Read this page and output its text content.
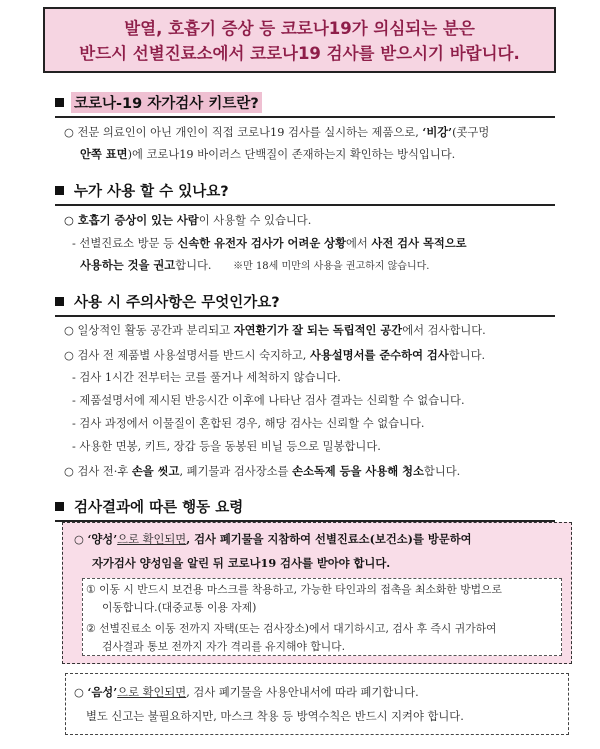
발열, 호흡기 증상 등 코로나19가 의심되는 분은
반드시 선별진료소에서 코로나19 검사를 받으시기 바랍니다.
코로나-19 자가검사 키트란?
○ 전문 의료인이 아닌 개인이 직접 코로나19 검사를 실시하는 제품으로, ‘비강’(콧구멍
안쪽 표면)에 코로나19 바이러스 단백질이 존재하는지 확인하는 방식입니다.
누가 사용 할 수 있나요?
○ 호흡기 증상이 있는 사람이 사용할 수 있습니다.
- 선별진료소 방문 등 신속한 유전자 검사가 어려운 상황에서 사전 검사 목적으로
사용하는 것을 권고합니다. ※만 18세 미만의 사용을 권고하지 않습니다.
사용 시 주의사항은 무엇인가요?
○ 일상적인 활동 공간과 분리되고 자연환기가 잘 되는 독립적인 공간에서 검사합니다.
○ 검사 전 제품별 사용설명서를 반드시 숙지하고, 사용설명서를 준수하여 검사합니다.
- 검사 1시간 전부터는 코를 풀거나 세척하지 않습니다.
- 제품설명서에 제시된 반응시간 이후에 나타난 검사 결과는 신뢰할 수 없습니다.
- 검사 과정에서 이물질이 혼합된 경우, 해당 검사는 신뢰할 수 없습니다.
- 사용한 면봉, 키트, 장갑 등을 동봉된 비닐 등으로 밀봉합니다.
○ 검사 전·후 손을 씻고, 폐기물과 검사장소를 손소독제 등을 사용해 청소합니다.
검사결과에 따른 행동 요령
○ ‘양성’으로 확인되면, 검사 폐기물을 지참하여 선별진료소(보건소)를 방문하여
자가검사 양성임을 알린 뒤 코로나19 검사를 받아야 합니다.
① 이동 시 반드시 보건용 마스크를 착용하고, 가능한 타인과의 접촉을 최소화한 방법으로
이동합니다.(대중교통 이용 자제)
② 선별진료소 이동 전까지 자택(또는 검사장소)에서 대기하시고, 검사 후 즉시 귀가하여
검사결과 통보 전까지 자가 격리를 유지해야 합니다.
○ ‘음성’으로 확인되면, 검사 폐기물을 사용안내서에 따라 폐기합니다.
별도 신고는 불필요하지만, 마스크 착용 등 방역수칙은 반드시 지켜야 합니다.
